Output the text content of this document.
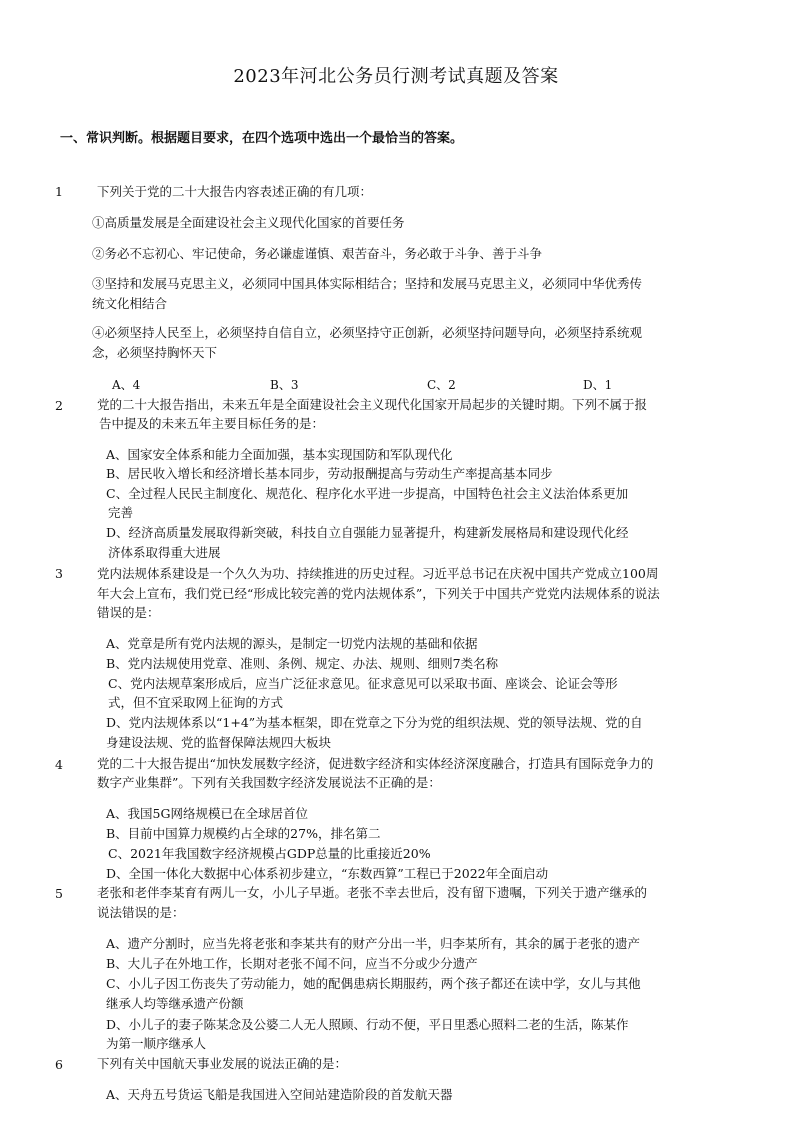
2023年河北公务员行测考试真题及答案
一、常识判断。根据题目要求，在四个选项中选出一个最恰当的答案。
1	下列关于党的二十大报告内容表述正确的有几项：
①高质量发展是全面建设社会主义现代化国家的首要任务
②务必不忘初心、牢记使命，务必谦虚谨慎、艰苦奋斗，务必敢于斗争、善于斗争
③坚持和发展马克思主义，必须同中国具体实际相结合；坚持和发展马克思主义，必须同中华优秀传
统文化相结合
④必须坚持人民至上，必须坚持自信自立，必须坚持守正创新，必须坚持问题导向，必须坚持系统观
念，必须坚持胸怀天下
A、4	B、3	C、2	D、1
2	党的二十大报告指出，未来五年是全面建设社会主义现代化国家开局起步的关键时期。下列不属于报
告中提及的未来五年主要目标任务的是：
A、国家安全体系和能力全面加强，基本实现国防和军队现代化
B、居民收入增长和经济增长基本同步，劳动报酬提高与劳动生产率提高基本同步
C、全过程人民民主制度化、规范化、程序化水平进一步提高，中国特色社会主义法治体系更加
完善
D、经济高质量发展取得新突破，科技自立自强能力显著提升，构建新发展格局和建设现代化经
济体系取得重大进展
3	党内法规体系建设是一个久久为功、持续推进的历史过程。习近平总书记在庆祝中国共产党成立100周
年大会上宣布，我们党已经“形成比较完善的党内法规体系”，下列关于中国共产党党内法规体系的说法
错误的是：
A、党章是所有党内法规的源头，是制定一切党内法规的基础和依据
B、党内法规使用党章、准则、条例、规定、办法、规则、细则7类名称
C、党内法规草案形成后，应当广泛征求意见。征求意见可以采取书面、座谈会、论证会等形
式，但不宜采取网上征询的方式
D、党内法规体系以“1+4”为基本框架，即在党章之下分为党的组织法规、党的领导法规、党的自
身建设法规、党的监督保障法规四大板块
4	党的二十大报告提出“加快发展数字经济，促进数字经济和实体经济深度融合，打造具有国际竞争力的
数字产业集群”。下列有关我国数字经济发展说法不正确的是：
A、我国5G网络规模已在全球居首位
B、目前中国算力规模约占全球的27%，排名第二
C、2021年我国数字经济规模占GDP总量的比重接近20%
D、全国一体化大数据中心体系初步建立，“东数西算”工程已于2022年全面启动
5	老张和老伴李某育有两儿一女，小儿子早逝。老张不幸去世后，没有留下遗嘱，下列关于遗产继承的
说法错误的是：
A、遗产分割时，应当先将老张和李某共有的财产分出一半，归李某所有，其余的属于老张的遗产
B、大儿子在外地工作，长期对老张不闻不问，应当不分或少分遗产
C、小儿子因工伤丧失了劳动能力，她的配偶患病长期服药，两个孩子都还在读中学，女儿与其他
继承人均等继承遗产份额
D、小儿子的妻子陈某念及公婆二人无人照顾、行动不便，平日里悉心照料二老的生活，陈某作
为第一顺序继承人
6	下列有关中国航天事业发展的说法正确的是：
A、天舟五号货运飞船是我国进入空间站建造阶段的首发航天器
